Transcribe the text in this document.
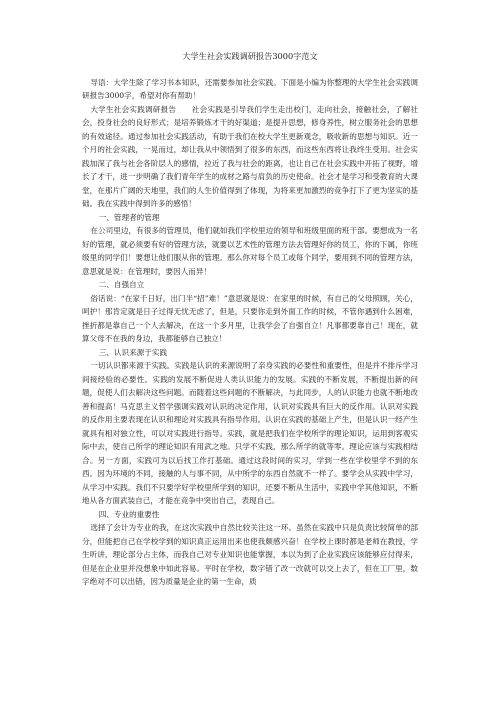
大学生社会实践调研报告3000字范文

导语：大学生除了学习书本知识，还需要参加社会实践。下面是小编为你整理的大学生社会实践调研报告3000字，希望对你有帮助！

大学生社会实践调研报告　　社会实践是引导我们学生走出校门，走向社会，接触社会，了解社会，投身社会的良好形式；是培养锻炼才干的好渠道；是提升思想，修身养性，树立服务社会的思想的有效途径。通过参加社会实践活动，有助于我们在校大学生更新观念，吸收新的思想与知识。近一个月的社会实践，一晃而过，却让我从中领悟到了很多的东西，而这些东西将让我终生受用。社会实践加深了我与社会各阶层人的感情，拉近了我与社会的距离，也让自己在社会实践中开拓了视野，增长了才干，进一步明确了我们青年学生的成材之路与肩负的历史使命。社会才是学习和受教育的大课堂，在那片广阔的天地里，我们的人生价值得到了体现，为将来更加激烈的竞争打下了更为坚实的基础。我在实践中得到许多的感悟！

一、管理者的管理

在公司里边，有很多的管理员，他们就如我们学校里边的领导和班级里面的班干部。要想成为一名好的管理，就必须要有好的管理方法，就要以艺术性的管理方法去管理好你的员工，你的下属，你班级里的同学们！要想让他们服从你的管理。那么你对每个员工或每个同学，要用到不同的管理方法，意思就是说：在管理时，要因人而异！

二、自强自立

俗话说：“在家千日好，出门半“招”难！”意思就是说：在家里的时候，有自己的父母照顾，关心，呵护！那肯定就是日子过得无忧无虑了，但是，只要你走到外面工作的时候，不管你遇到什么困难，挫折都是靠自己一个人去解决，在这一个多月里，让我学会了自强自立！凡事都要靠自己！现在，就算父母不在我的身边，我都能够自己独立！

三、认识来源于实践

一切认识都来源于实践。实践是认识的来源说明了亲身实践的必要性和重要性，但是并不排斥学习间接经验的必要性。实践的发展不断促进人类认识能力的发展。实践的不断发展，不断提出新的问题，促使人们去解决这些问题。而随着这些问题的不断解决，与此同步，人的认识能力也就不断地改善和提高！马克思主义哲学强调实践对认识的决定作用，认识对实践具有巨大的反作用。认识对实践的反作用主要表现在认识和理论对实践具有指导作用。认识在实践的基础上产生，但是认识一经产生就具有相对独立性，可以对实践进行指导。实践，就是把我们在学校所学的理论知识，运用到客观实际中去，使自己所学的理论知识有用武之地。只学不实践，那么所学的就等零。理论应该与实践相结合。另一方面，实践可为以后找工作打基础。通过这段时间的实习，学到一些在学校里学不到的东西。因为环境的不同，接触的人与事不同，从中所学的东西自然就不一样了。要学会从实践中学习，从学习中实践。我们不只要学好学校里所学到的知识，还要不断从生活中，实践中学其他知识，不断地从各方面武装自己，才能在竞争中突出自己，表现自己。

四、专业的重要性

选择了会计为专业的我，在这次实践中自然比较关注这一环。虽然在实践中只是负责比较简单的部分，但能把自己在学校学到的知识真正运用出来也使我颇感兴奋！在学校上课时都是老师在教授，学生听讲，理论部分占主体，而我自己对专业知识也能掌握，本以为到了企业实践应该能够应付得来，但是在企业里并没想象中如此容易。平时在学校，数字错了改一改就可以交上去了，但在工厂里，数字绝对不可以出错，因为质量是企业的第一生命，质
